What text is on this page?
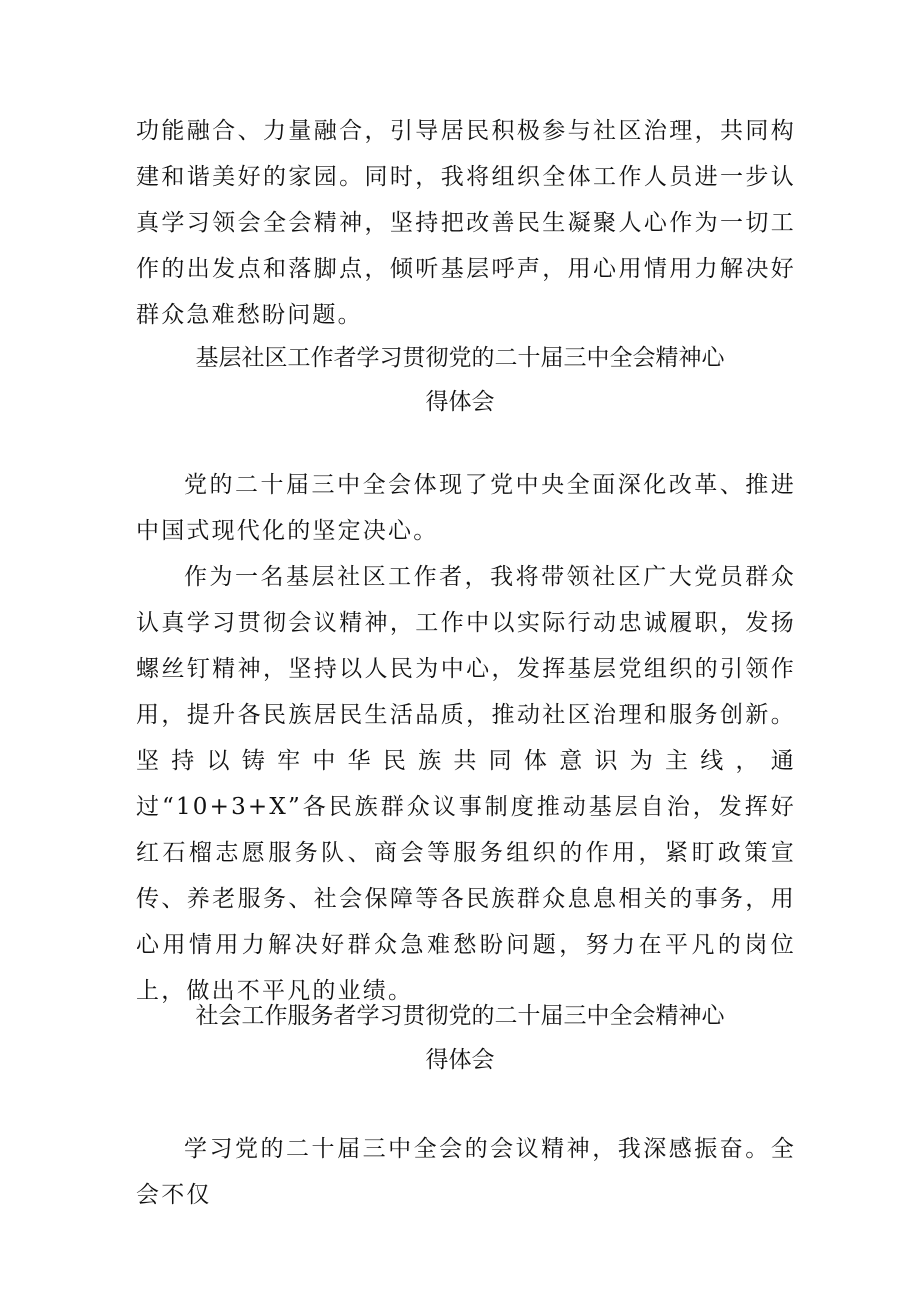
功能融合、力量融合，引导居民积极参与社区治理，共同构建和谐美好的家园。同时，我将组织全体工作人员进一步认真学习领会全会精神，坚持把改善民生凝聚人心作为一切工作的出发点和落脚点，倾听基层呼声，用心用情用力解决好群众急难愁盼问题。

基层社区工作者学习贯彻党的二十届三中全会精神心
得体会

党的二十届三中全会体现了党中央全面深化改革、推进中国式现代化的坚定决心。

作为一名基层社区工作者，我将带领社区广大党员群众认真学习贯彻会议精神，工作中以实际行动忠诚履职，发扬螺丝钉精神，坚持以人民为中心，发挥基层党组织的引领作用，提升各民族居民生活品质，推动社区治理和服务创新。坚持以铸牢中华民族共同体意识为主线，通过“10+3+X”各民族群众议事制度推动基层自治，发挥好红石榴志愿服务队、商会等服务组织的作用，紧盯政策宣传、养老服务、社会保障等各民族群众息息相关的事务，用心用情用力解决好群众急难愁盼问题，努力在平凡的岗位上，做出不平凡的业绩。

社会工作服务者学习贯彻党的二十届三中全会精神心
得体会

学习党的二十届三中全会的会议精神，我深感振奋。全会不仅
